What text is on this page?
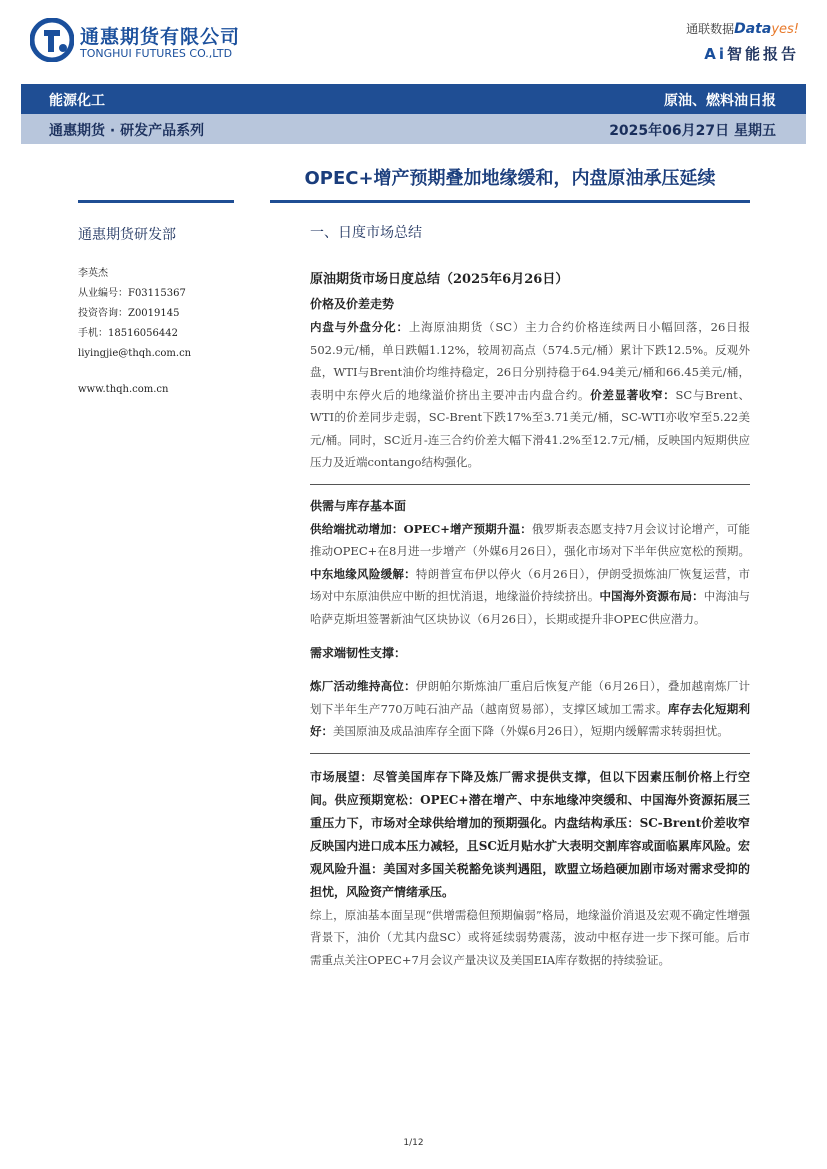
通惠期货有限公司
TONGHUI FUTURES CO.,LTD
通联数据Datayes!
Ai智能报告
能源化工	原油、燃料油日报
通惠期货 · 研发产品系列	2025年06月27日 星期五
OPEC+增产预期叠加地缘缓和，内盘原油承压延续
通惠期货研发部
李英杰
从业编号：F03115367
投资咨询：Z0019145
手机：18516056442
liyingjie@thqh.com.cn
www.thqh.com.cn
一、日度市场总结
原油期货市场日度总结（2025年6月26日）
价格及价差走势
内盘与外盘分化：上海原油期货（SC）主力合约价格连续两日小幅回落，26日报502.9元/桶，单日跌幅1.12%，较周初高点（574.5元/桶）累计下跌12.5%。反观外盘，WTI与Brent油价均维持稳定，26日分别持稳于64.94美元/桶和66.45美元/桶，表明中东停火后的地缘溢价挤出主要冲击内盘合约。价差显著收窄：SC与Brent、WTI的价差同步走弱，SC-Brent下跌17%至3.71美元/桶，SC-WTI亦收窄至5.22美元/桶。同时，SC近月-连三合约价差大幅下滑41.2%至12.7元/桶，反映国内短期供应压力及近端contango结构强化。
供需与库存基本面
供给端扰动增加：OPEC+增产预期升温：俄罗斯表态愿支持7月会议讨论增产，可能推动OPEC+在8月进一步增产（外媒6月26日），强化市场对下半年供应宽松的预期。中东地缘风险缓解：特朗普宣布伊以停火（6月26日），伊朗受损炼油厂恢复运营，市场对中东原油供应中断的担忧消退，地缘溢价持续挤出。中国海外资源布局：中海油与哈萨克斯坦签署新油气区块协议（6月26日），长期或提升非OPEC供应潜力。
需求端韧性支撑：
炼厂活动维持高位：伊朗帕尔斯炼油厂重启后恢复产能（6月26日），叠加越南炼厂计划下半年生产770万吨石油产品（越南贸易部），支撑区域加工需求。库存去化短期利好：美国原油及成品油库存全面下降（外媒6月26日），短期内缓解需求转弱担忧。
市场展望：尽管美国库存下降及炼厂需求提供支撑，但以下因素压制价格上行空间。供应预期宽松：OPEC+潜在增产、中东地缘冲突缓和、中国海外资源拓展三重压力下，市场对全球供给增加的预期强化。内盘结构承压：SC-Brent价差收窄反映国内进口成本压力减轻，且SC近月贴水扩大表明交割库容或面临累库风险。宏观风险升温：美国对多国关税豁免谈判遇阻，欧盟立场趋硬加剧市场对需求受抑的担忧，风险资产情绪承压。
综上，原油基本面呈现“供增需稳但预期偏弱”格局，地缘溢价消退及宏观不确定性增强背景下，油价（尤其内盘SC）或将延续弱势震荡，波动中枢存进一步下探可能。后市需重点关注OPEC+7月会议产量决议及美国EIA库存数据的持续验证。
1/12
